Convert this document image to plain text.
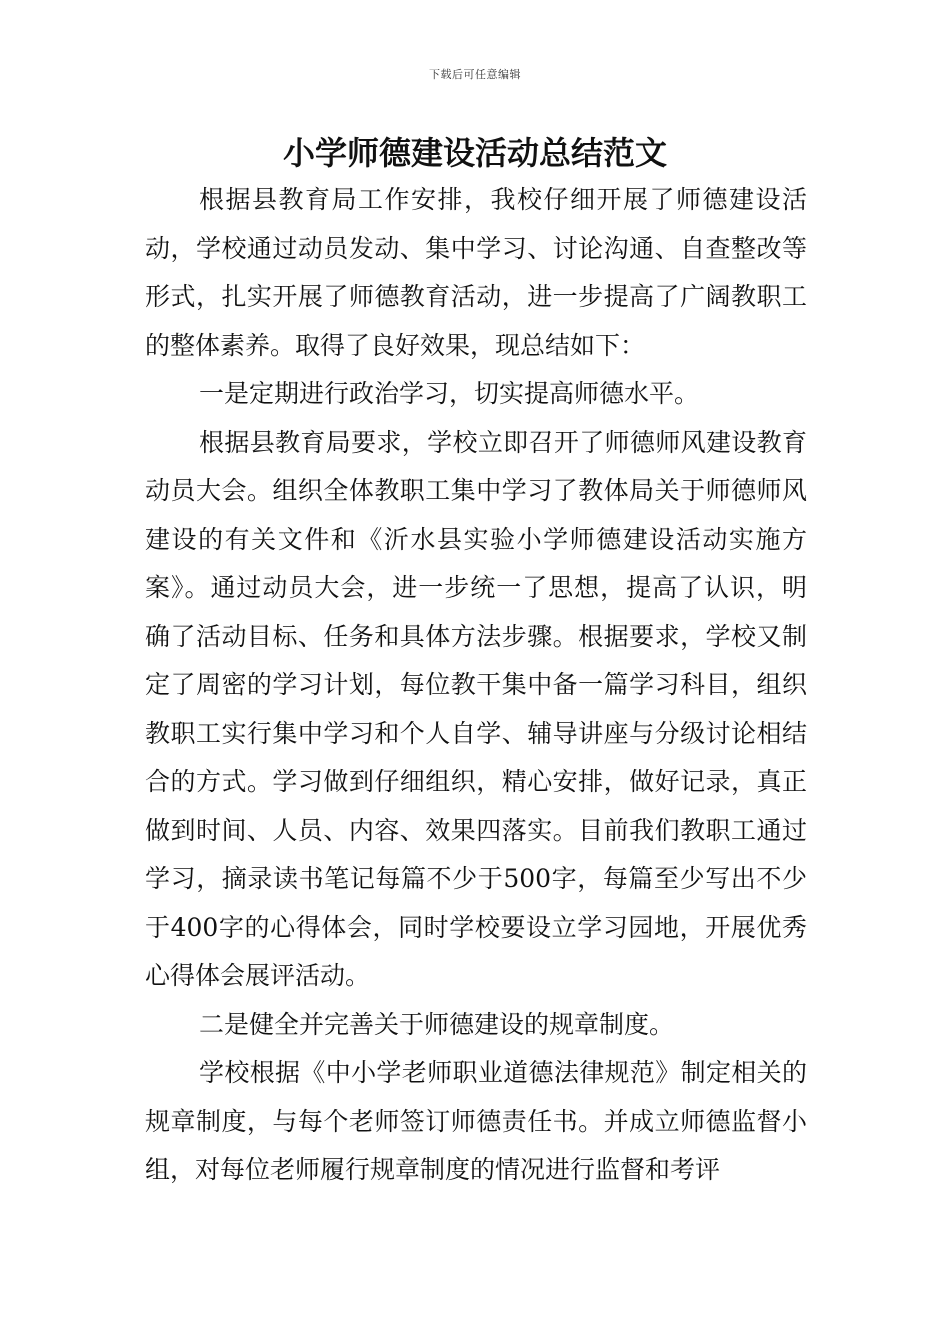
下载后可任意编辑
小学师德建设活动总结范文

根据县教育局工作安排，我校仔细开展了师德建设活动，学校通过动员发动、集中学习、讨论沟通、自查整改等形式，扎实开展了师德教育活动，进一步提高了广阔教职工的整体素养。取得了良好效果，现总结如下：

一是定期进行政治学习，切实提高师德水平。

根据县教育局要求，学校立即召开了师德师风建设教育动员大会。组织全体教职工集中学习了教体局关于师德师风建设的有关文件和《沂水县实验小学师德建设活动实施方案》。通过动员大会，进一步统一了思想，提高了认识，明确了活动目标、任务和具体方法步骤。根据要求，学校又制定了周密的学习计划，每位教干集中备一篇学习科目，组织教职工实行集中学习和个人自学、辅导讲座与分级讨论相结合的方式。学习做到仔细组织，精心安排，做好记录，真正做到时间、人员、内容、效果四落实。目前我们教职工通过学习，摘录读书笔记每篇不少于500字，每篇至少写出不少于400字的心得体会，同时学校要设立学习园地，开展优秀心得体会展评活动。

二是健全并完善关于师德建设的规章制度。

学校根据《中小学老师职业道德法律规范》制定相关的规章制度，与每个老师签订师德责任书。并成立师德监督小组，对每位老师履行规章制度的情况进行监督和考评
